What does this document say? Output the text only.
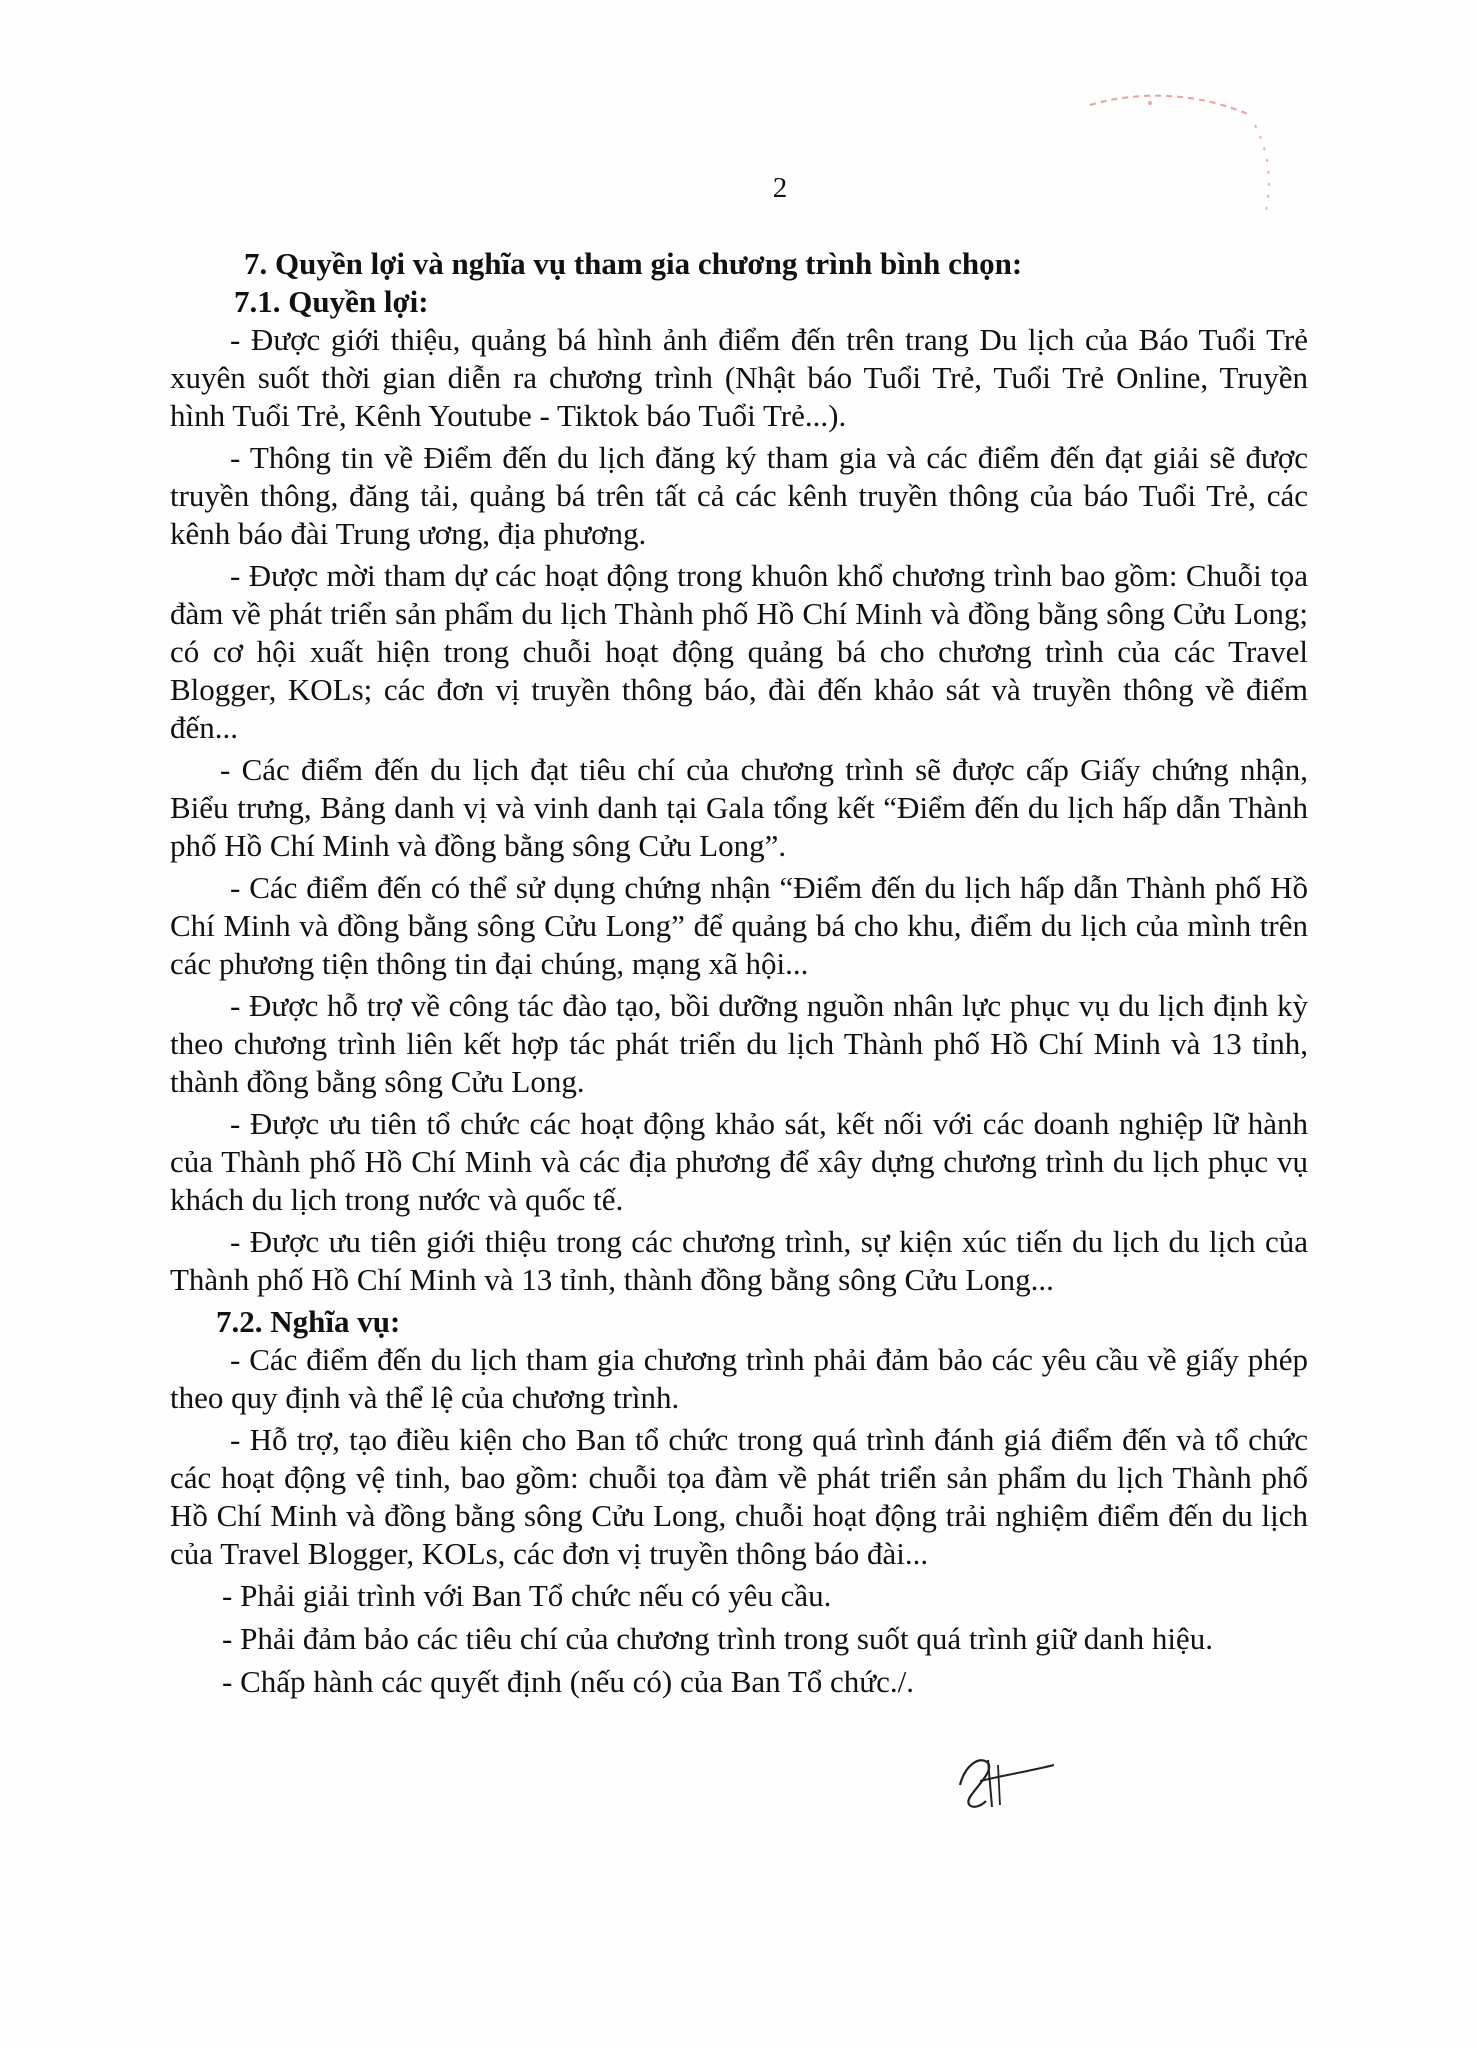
2

7. Quyền lợi và nghĩa vụ tham gia chương trình bình chọn:

7.1. Quyền lợi:

- Được giới thiệu, quảng bá hình ảnh điểm đến trên trang Du lịch của Báo Tuổi Trẻ xuyên suốt thời gian diễn ra chương trình (Nhật báo Tuổi Trẻ, Tuổi Trẻ Online, Truyền hình Tuổi Trẻ, Kênh Youtube - Tiktok báo Tuổi Trẻ...).

- Thông tin về Điểm đến du lịch đăng ký tham gia và các điểm đến đạt giải sẽ được truyền thông, đăng tải, quảng bá trên tất cả các kênh truyền thông của báo Tuổi Trẻ, các kênh báo đài Trung ương, địa phương.

- Được mời tham dự các hoạt động trong khuôn khổ chương trình bao gồm: Chuỗi tọa đàm về phát triển sản phẩm du lịch Thành phố Hồ Chí Minh và đồng bằng sông Cửu Long; có cơ hội xuất hiện trong chuỗi hoạt động quảng bá cho chương trình của các Travel Blogger, KOLs; các đơn vị truyền thông báo, đài đến khảo sát và truyền thông về điểm đến...

- Các điểm đến du lịch đạt tiêu chí của chương trình sẽ được cấp Giấy chứng nhận, Biểu trưng, Bảng danh vị và vinh danh tại Gala tổng kết “Điểm đến du lịch hấp dẫn Thành phố Hồ Chí Minh và đồng bằng sông Cửu Long”.

- Các điểm đến có thể sử dụng chứng nhận “Điểm đến du lịch hấp dẫn Thành phố Hồ Chí Minh và đồng bằng sông Cửu Long” để quảng bá cho khu, điểm du lịch của mình trên các phương tiện thông tin đại chúng, mạng xã hội...

- Được hỗ trợ về công tác đào tạo, bồi dưỡng nguồn nhân lực phục vụ du lịch định kỳ theo chương trình liên kết hợp tác phát triển du lịch Thành phố Hồ Chí Minh và 13 tỉnh, thành đồng bằng sông Cửu Long.

- Được ưu tiên tổ chức các hoạt động khảo sát, kết nối với các doanh nghiệp lữ hành của Thành phố Hồ Chí Minh và các địa phương để xây dựng chương trình du lịch phục vụ khách du lịch trong nước và quốc tế.

- Được ưu tiên giới thiệu trong các chương trình, sự kiện xúc tiến du lịch du lịch của Thành phố Hồ Chí Minh và 13 tỉnh, thành đồng bằng sông Cửu Long...

7.2. Nghĩa vụ:

- Các điểm đến du lịch tham gia chương trình phải đảm bảo các yêu cầu về giấy phép theo quy định và thể lệ của chương trình.

- Hỗ trợ, tạo điều kiện cho Ban tổ chức trong quá trình đánh giá điểm đến và tổ chức các hoạt động vệ tinh, bao gồm: chuỗi tọa đàm về phát triển sản phẩm du lịch Thành phố Hồ Chí Minh và đồng bằng sông Cửu Long, chuỗi hoạt động trải nghiệm điểm đến du lịch của Travel Blogger, KOLs, các đơn vị truyền thông báo đài...

- Phải giải trình với Ban Tổ chức nếu có yêu cầu.

- Phải đảm bảo các tiêu chí của chương trình trong suốt quá trình giữ danh hiệu.

- Chấp hành các quyết định (nếu có) của Ban Tổ chức./.
